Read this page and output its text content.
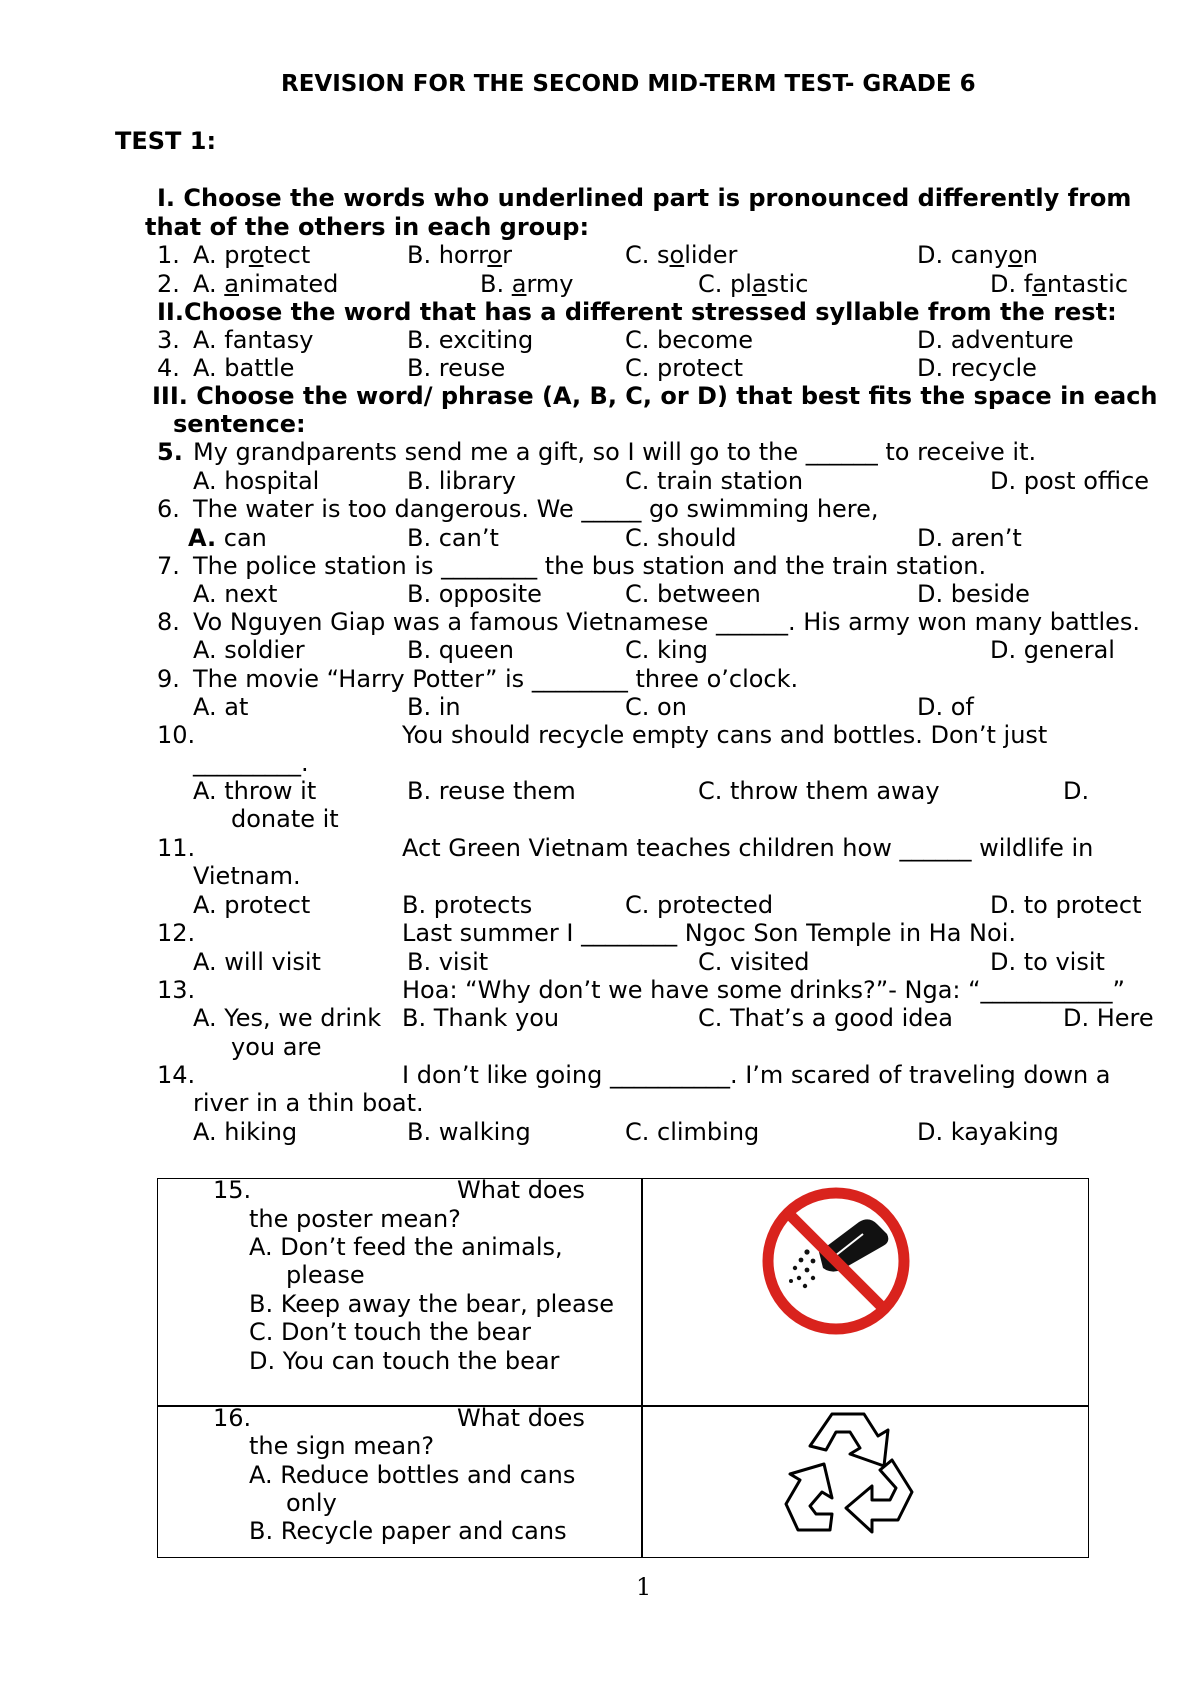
REVISION FOR THE SECOND MID-TERM TEST- GRADE 6
TEST 1:
I. Choose the words who underlined part is pronounced differently from
that of the others in each group:
1. A. protect	B. horror	C. solider	D. canyon
2. A. animated	B. army	C. plastic	D. fantastic
II.Choose the word that has a different stressed syllable from the rest:
3. A. fantasy	B. exciting	C. become	D. adventure
4. A. battle	B. reuse	C. protect	D. recycle
III. Choose the word/ phrase (A, B, C, or D) that best fits the space in each
sentence:
5. My grandparents send me a gift, so I will go to the ______ to receive it.
A. hospital	B. library	C. train station	D. post office
6. The water is too dangerous. We _____ go swimming here,
A. can	B. can’t	C. should	D. aren’t
7. The police station is ________ the bus station and the train station.
A. next	B. opposite	C. between	D. beside
8. Vo Nguyen Giap was a famous Vietnamese ______. His army won many battles.
A. soldier	B. queen	C. king	D. general
9. The movie “Harry Potter” is ________ three o’clock.
A. at	B. in	C. on	D. of
10.	You should recycle empty cans and bottles. Don’t just
_________.
A. throw it	B. reuse them	C. throw them away	D.
donate it
11.	Act Green Vietnam teaches children how ______ wildlife in
Vietnam.
A. protect	B. protects	C. protected	D. to protect
12.	Last summer I ________ Ngoc Son Temple in Ha Noi.
A. will visit	B. visit	C. visited	D. to visit
13.	Hoa: “Why don’t we have some drinks?”- Nga: “___________”
A. Yes, we drink
you are
B. Thank you	C. That’s a good idea	D. Here
14.	I don’t like going __________. I’m scared of traveling down a
river in a thin boat.
A. hiking	B. walking	C. climbing	D. kayaking
15.	What does
the poster mean?
A. Don’t feed the animals,
please
B. Keep away the bear, please
C. Don’t touch the bear
D. You can touch the bear
16.	What does
the sign mean?
A. Reduce bottles and cans
only
B. Recycle paper and cans
1
